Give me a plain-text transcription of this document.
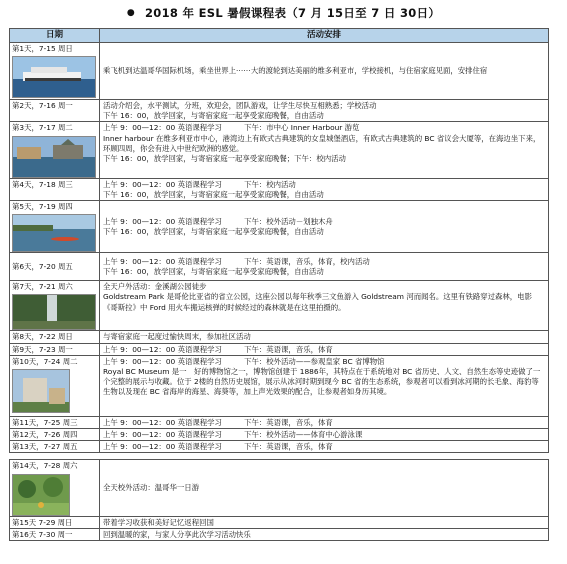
● 2018 年 ESL 暑假课程表（7 月 15日至 7 日 30日）
日期	活动安排

第1天，7-15 周日	乘飞机到达温哥华国际机场，乘坐世界上⋯⋯大的渡轮到达美丽的维多利亚市，学校接机，与住宿家庭见面，安排住宿

第2天，7-16 周一	活动介绍会，水平测试，分班，欢迎会，团队游戏，让学生尽快互相熟悉；学校活动
下午 16：00，放学回家，与寄宿家庭一起享受家庭晚餐，自由活动

第3天，7-17 周二	上午 9：00—12：00 英语课程学习　　　下午：市中心 Inner Harbour 游览
Inner harbour 在维多利亚市中心，港湾边上有欧式古典建筑的女皇城堡酒店，有欧式古典建筑的 BC 省议会大厦等，在海边坐下来，环顾四周，你会有进入中世纪欧洲的感觉。
下午 16：00，放学回家，与寄宿家庭一起享受家庭晚餐；下午：校内活动

第4天，7-18 周三	上午 9：00—12：00 英语课程学习　　　下午：校内活动
下午 16：00，放学回家，与寄宿家庭一起享受家庭晚餐，自由活动

第5天，7-19 周四	上午 9：00—12：00 英语课程学习　　　下午：校外活动－划独木舟
下午 16：00，放学回家，与寄宿家庭一起享受家庭晚餐，自由活动

第6天，7-20 周五	上午 9：00—12：00 英语课程学习　　　下午：英语课，音乐，体育，校内活动
下午 16：00，放学回家，与寄宿家庭一起享受家庭晚餐，自由活动

第7天，7-21 周六	全天户外活动：金溪湖公园徒步
Goldstream Park 是哥伦比亚省的省立公园，这座公园以每年秋季三文鱼游入 Goldstream 河而闻名。这里有铁路穿过森林，电影《哥斯拉》中 Ford 用火车搬运核弹的时候经过的森林就是在这里拍摄的。

第8天，7-22 周日	与寄宿家庭一起度过愉快周末，参加社区活动

第9天，7-23 周一	上午 9：00—12：00 英语课程学习　　　下午：英语课，音乐，体育

第10天，7-24 周二	上午 9：00—12：00 英语课程学习　　　下午：校外活动——参观皇家 BC 省博物馆
Royal BC Museum 是一　好的博物馆之一，博物馆创建于 1886年，其特点在于系统地对 BC 省历史、人文、自然生态等史迹做了一个完整的展示与收藏。位于 2楼的自然历史展馆，展示从冰河时期到现今 BC 省的生态系统，参观者可以看到冰河期的长毛象、海豹等生物以及现在 BC 省海岸的海星、海葵等，加上声光效果的配合，让参观者如身历其境。

第11天，7-25 周三	上午 9：00—12：00 英语课程学习　　　下午：英语课，音乐，体育

第12天，7-26 周四	上午 9：00—12：00 英语课程学习　　　下午：校外活动——体育中心游泳课

第13天，7-27 周五	上午 9：00—12：00 英语课程学习　　　下午：英语课，音乐，体育

第14天，7-28 周六	全天校外活动：温哥华一日游

第15天 7-29 周日	带着学习收获和美好记忆返程回国

第16天 7-30 周一	回到温暖的家，与家人分享此次学习活动快乐
